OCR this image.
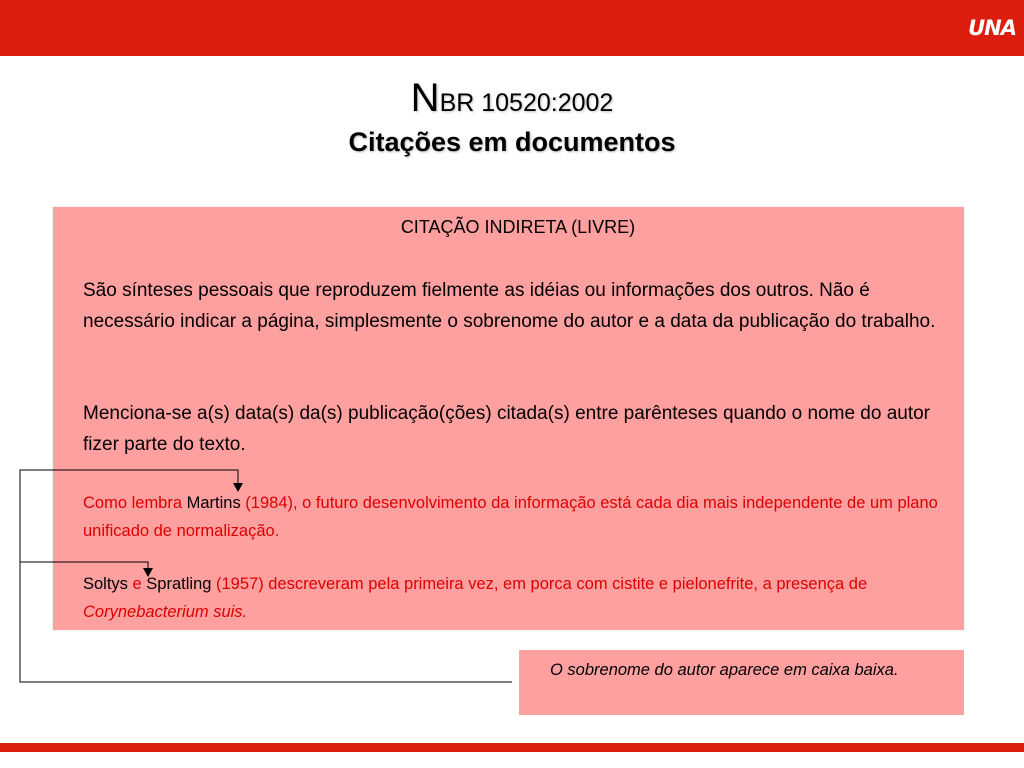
UNA
NBR 10520:2002
Citações em documentos
CITAÇÃO INDIRETA (LIVRE)
São sínteses pessoais que reproduzem fielmente as idéias ou informações dos outros. Não é necessário indicar a página, simplesmente o sobrenome do autor e a data da publicação do trabalho.
Menciona-se a(s) data(s) da(s) publicação(ções) citada(s) entre parênteses quando o nome do autor fizer parte do texto.
Como lembra Martins (1984), o futuro desenvolvimento da informação está cada dia mais independente de um plano unificado de normalização.
Soltys e Spratling (1957) descreveram pela primeira vez, em porca com cistite e pielonefrite, a presença de Corynebacterium suis.
O sobrenome do autor aparece em caixa baixa.
